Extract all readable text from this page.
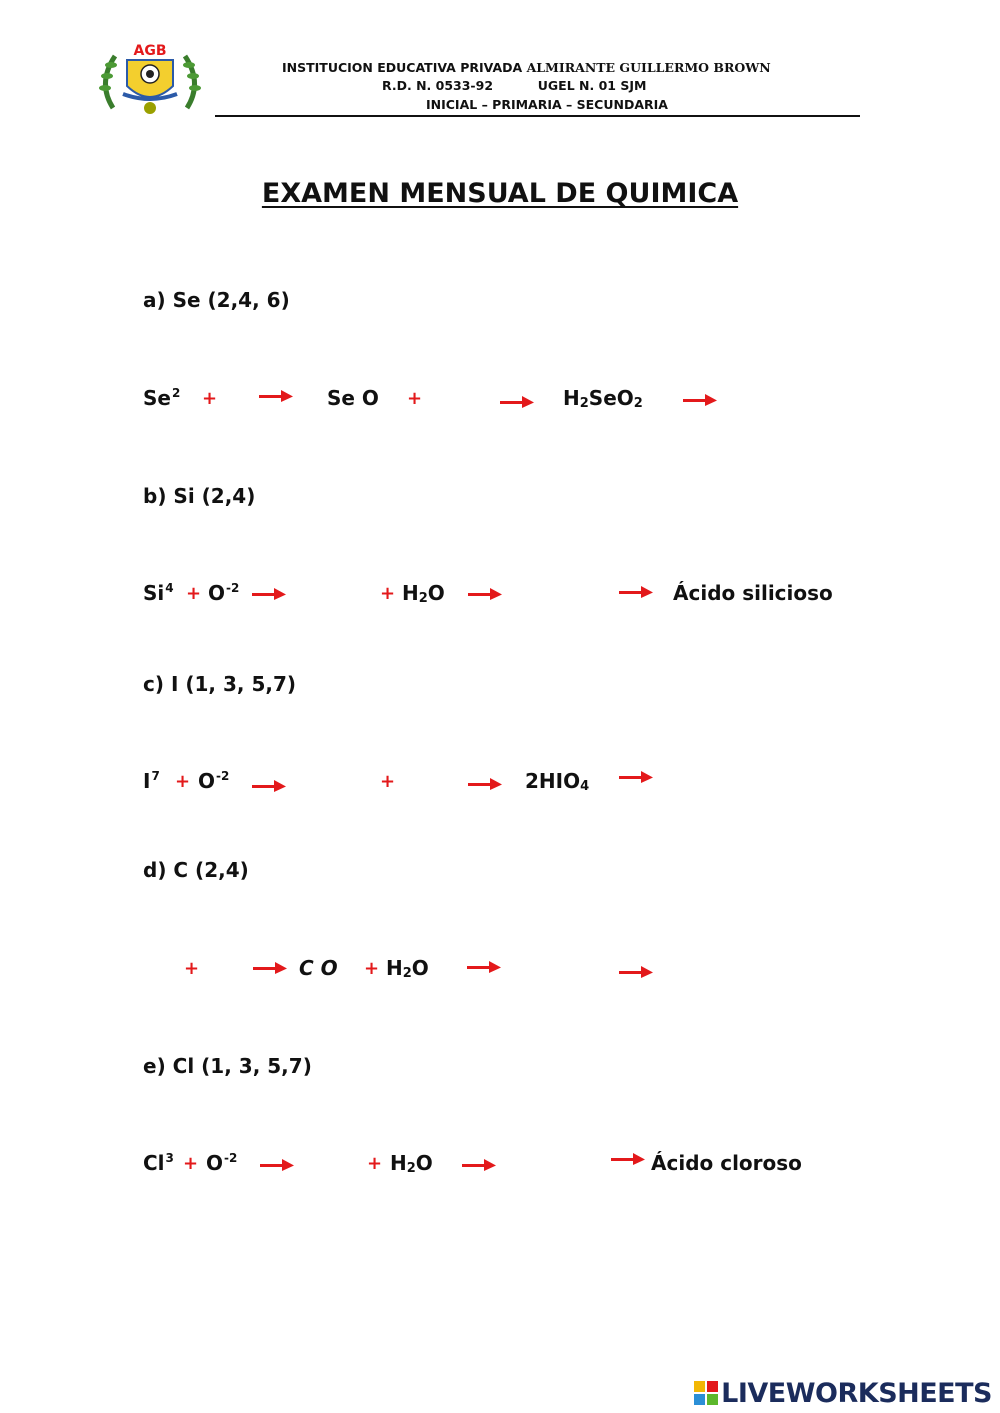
AGB
INSTITUCION EDUCATIVA PRIVADA ALMIRANTE GUILLERMO BROWN
R.D. N. 0533-92	UGEL N. 01 SJM
INICIAL – PRIMARIA – SECUNDARIA
EXAMEN MENSUAL DE QUIMICA
a) Se (2,4, 6)
$Se^2$ +	Se O +	$H_2SeO_2$
b) Si (2,4)
$Si^4 + O^{-2}$	+ $H_2O$	Ácido silicioso
c) I (1, 3, 5,7)
$I^7 + O^{-2}$	+	$2HIO_4$
d) C (2,4)
+	C $O + H_2O$
e) Cl (1, 3, 5,7)
$Cl^3 + O^{-2}$	+ $H_2O$	Ácido cloroso
LIVEWORKSHEETS
